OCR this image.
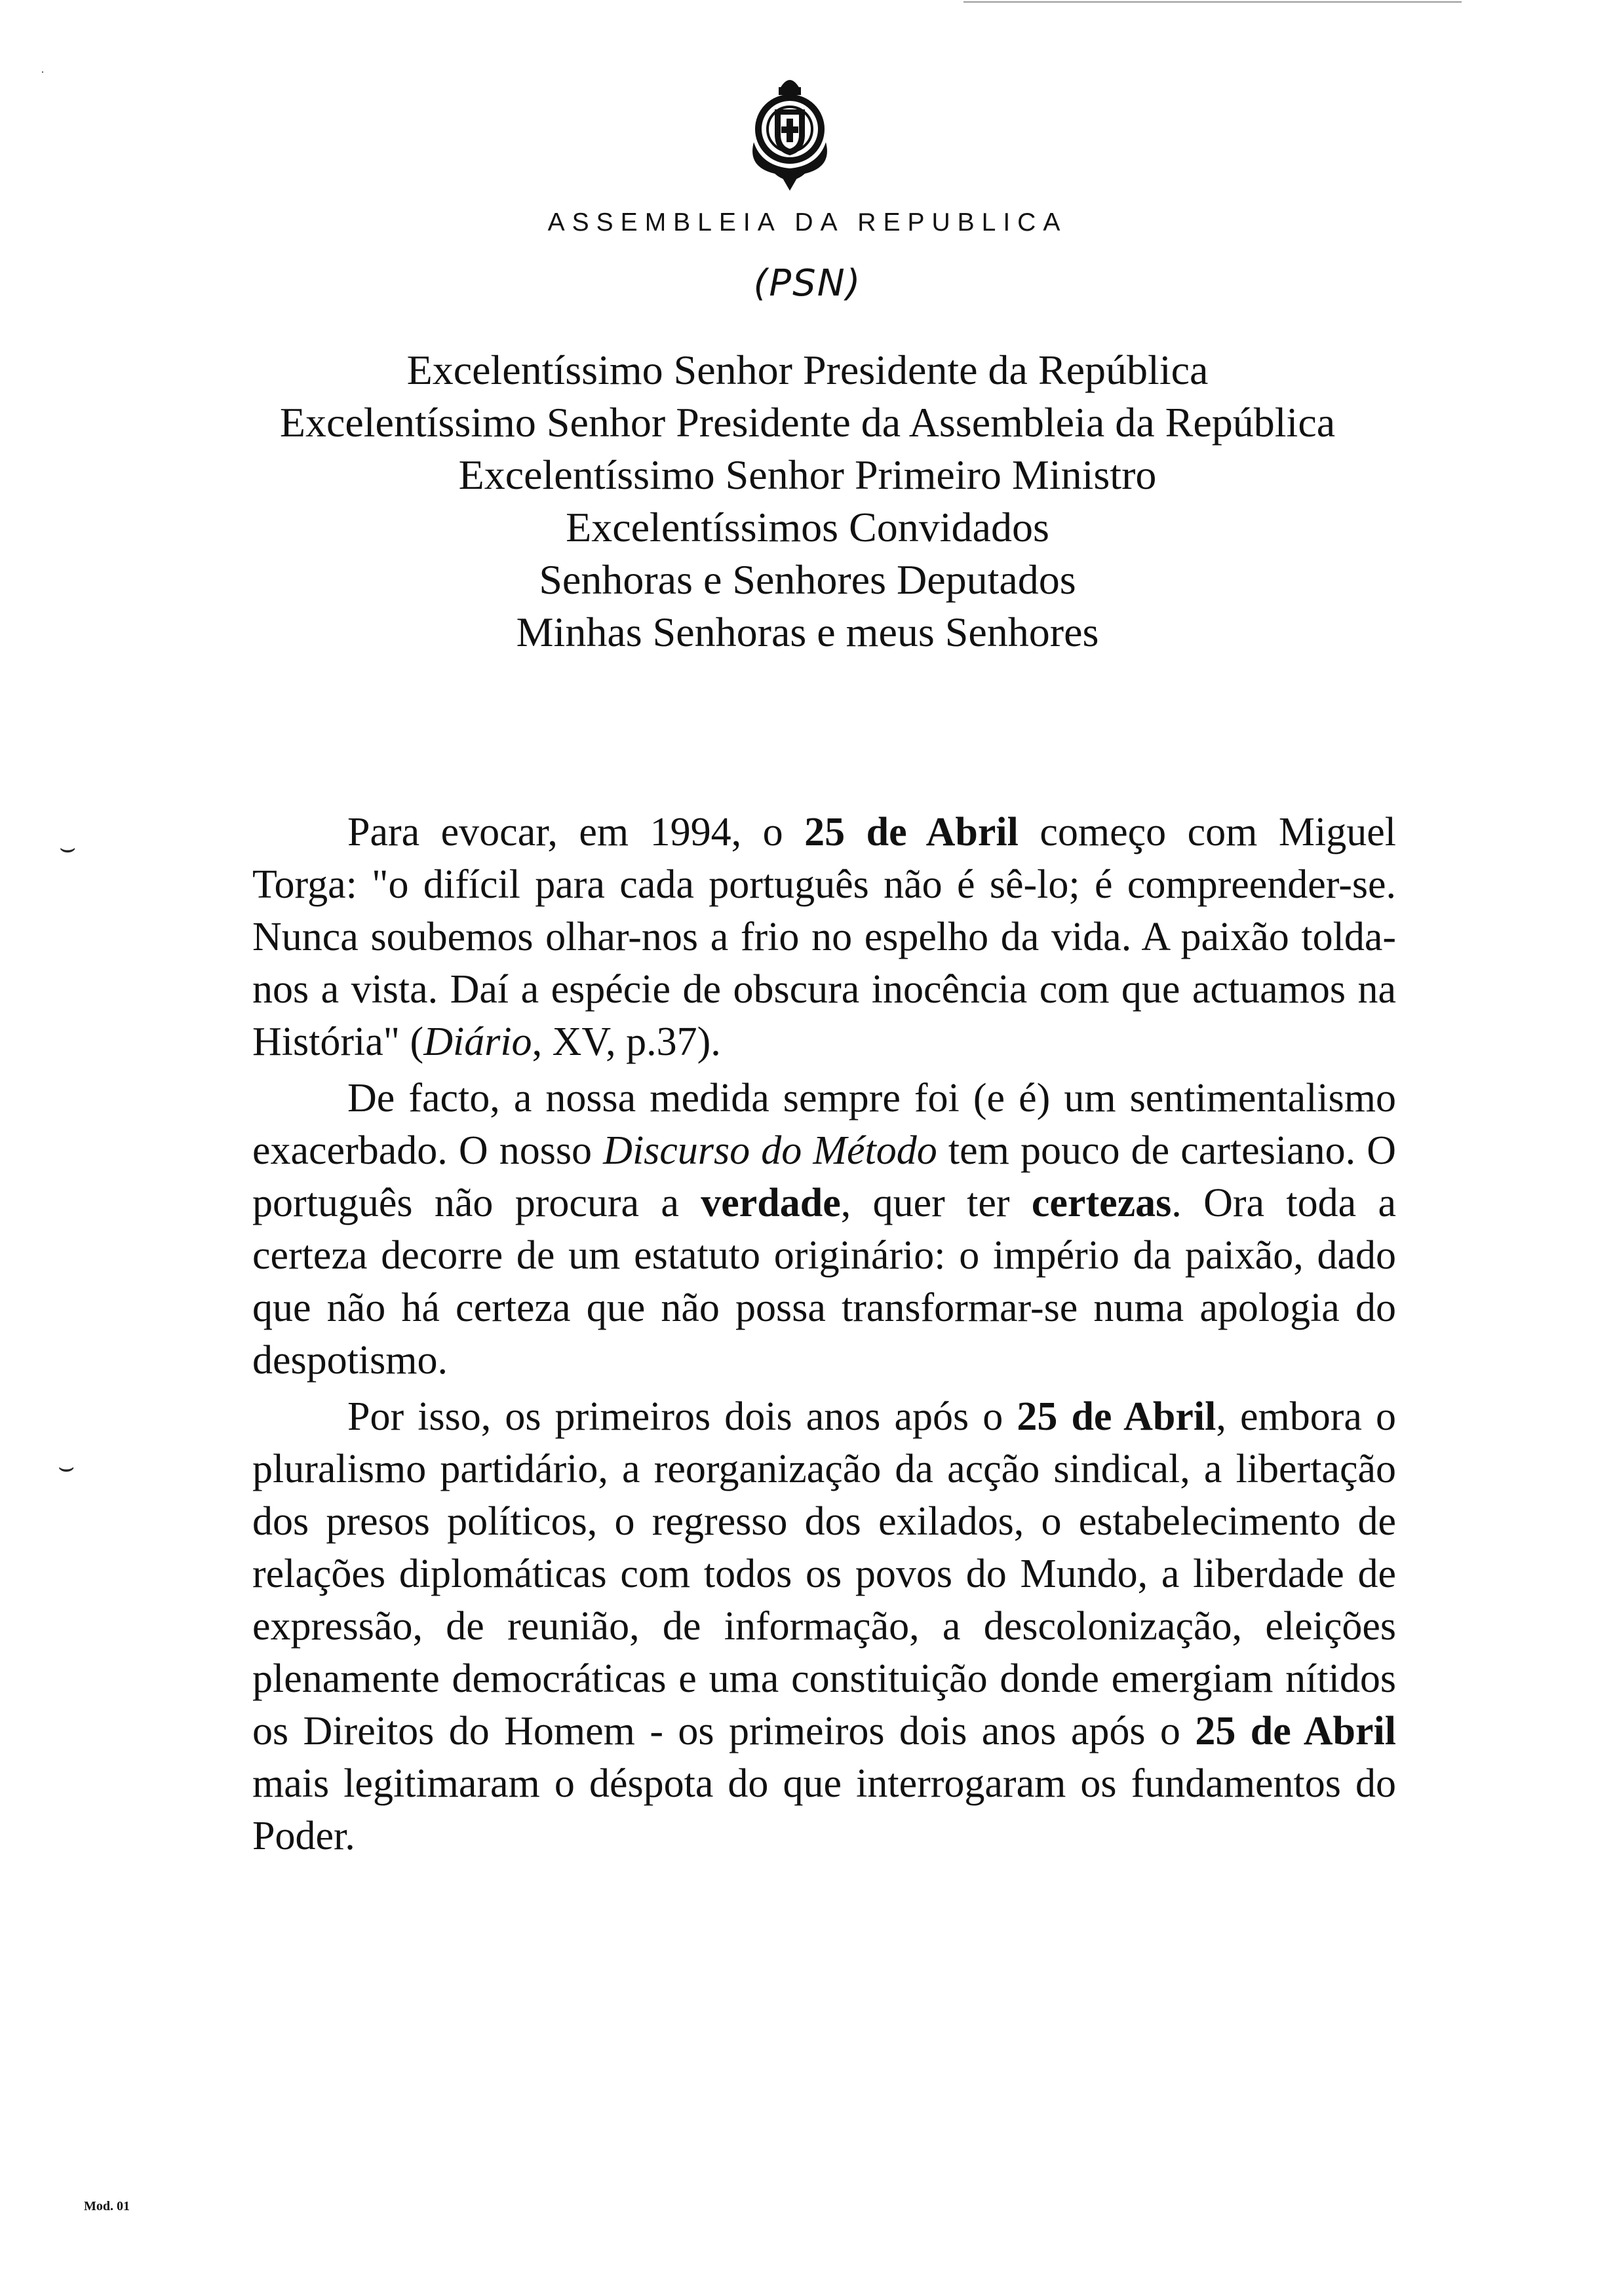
·
ASSEMBLEIA DA REPUBLICA
(PSN)
Excelentíssimo Senhor Presidente da República
Excelentíssimo Senhor Presidente da Assembleia da República
Excelentíssimo Senhor Primeiro Ministro
Excelentíssimos Convidados
Senhoras e Senhores Deputados
Minhas Senhoras e meus Senhores
⌣
⌣

Para evocar, em 1994, o 25 de Abril começo com Miguel Torga: "o difícil para cada português não é sê-lo; é compreender-se. Nunca soubemos olhar-nos a frio no espelho da vida. A paixão tolda-nos a vista. Daí a espécie de obscura inocência com que actuamos na História" (Diário, XV, p.37).

De facto, a nossa medida sempre foi (e é) um sentimentalismo exacerbado. O nosso Discurso do Método tem pouco de cartesiano. O português não procura a verdade, quer ter certezas. Ora toda a certeza decorre de um estatuto originário: o império da paixão, dado que não há certeza que não possa transformar-se numa apologia do despotismo.

Por isso, os primeiros dois anos após o 25 de Abril, embora o pluralismo partidário, a reorganização da acção sindical, a libertação dos presos políticos, o regresso dos exilados, o estabelecimento de relações diplomáticas com todos os povos do Mundo, a liberdade de expressão, de reunião, de informação, a descolonização, eleições plenamente democráticas e uma constituição donde emergiam nítidos os Direitos do Homem - os primeiros dois anos após o 25 de Abril mais legitimaram o déspota do que interrogaram os fundamentos do Poder.

Mod. 01
